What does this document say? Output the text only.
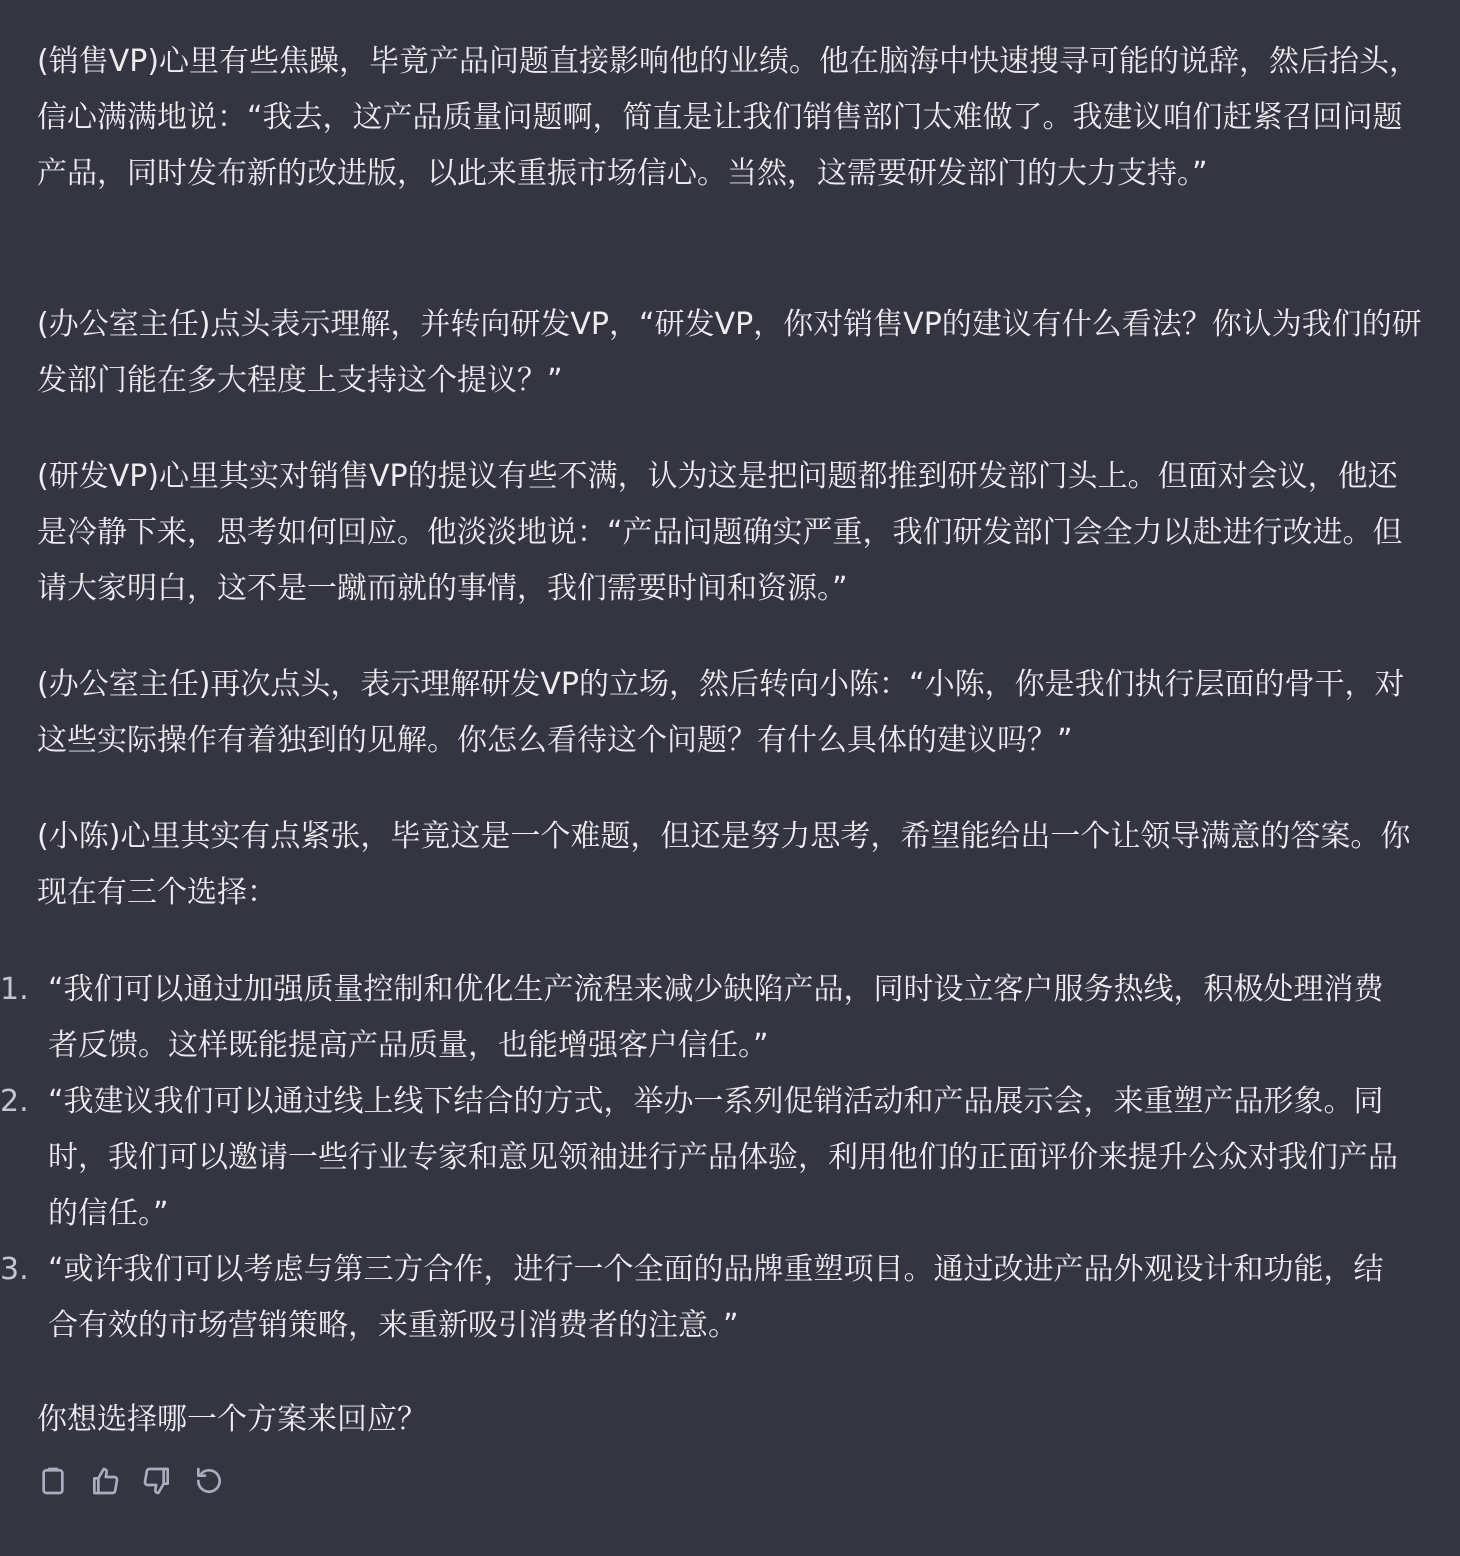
(销售VP)心里有些焦躁，毕竟产品问题直接影响他的业绩。他在脑海中快速搜寻可能的说辞，然后抬头，信心满满地说：“我去，这产品质量问题啊，简直是让我们销售部门太难做了。我建议咱们赶紧召回问题产品，同时发布新的改进版，以此来重振市场信心。当然，这需要研发部门的大力支持。”

(办公室主任)点头表示理解，并转向研发VP，“研发VP，你对销售VP的建议有什么看法？你认为我们的研发部门能在多大程度上支持这个提议？”

(研发VP)心里其实对销售VP的提议有些不满，认为这是把问题都推到研发部门头上。但面对会议，他还是冷静下来，思考如何回应。他淡淡地说：“产品问题确实严重，我们研发部门会全力以赴进行改进。但请大家明白，这不是一蹴而就的事情，我们需要时间和资源。”

(办公室主任)再次点头，表示理解研发VP的立场，然后转向小陈：“小陈，你是我们执行层面的骨干，对这些实际操作有着独到的见解。你怎么看待这个问题？有什么具体的建议吗？”

(小陈)心里其实有点紧张，毕竟这是一个难题，但还是努力思考，希望能给出一个让领导满意的答案。你现在有三个选择：

1. “我们可以通过加强质量控制和优化生产流程来减少缺陷产品，同时设立客户服务热线，积极处理消费者反馈。这样既能提高产品质量，也能增强客户信任。”
2. “我建议我们可以通过线上线下结合的方式，举办一系列促销活动和产品展示会，来重塑产品形象。同时，我们可以邀请一些行业专家和意见领袖进行产品体验，利用他们的正面评价来提升公众对我们产品的信任。”
3. “或许我们可以考虑与第三方合作，进行一个全面的品牌重塑项目。通过改进产品外观设计和功能，结合有效的市场营销策略，来重新吸引消费者的注意。”

你想选择哪一个方案来回应？
